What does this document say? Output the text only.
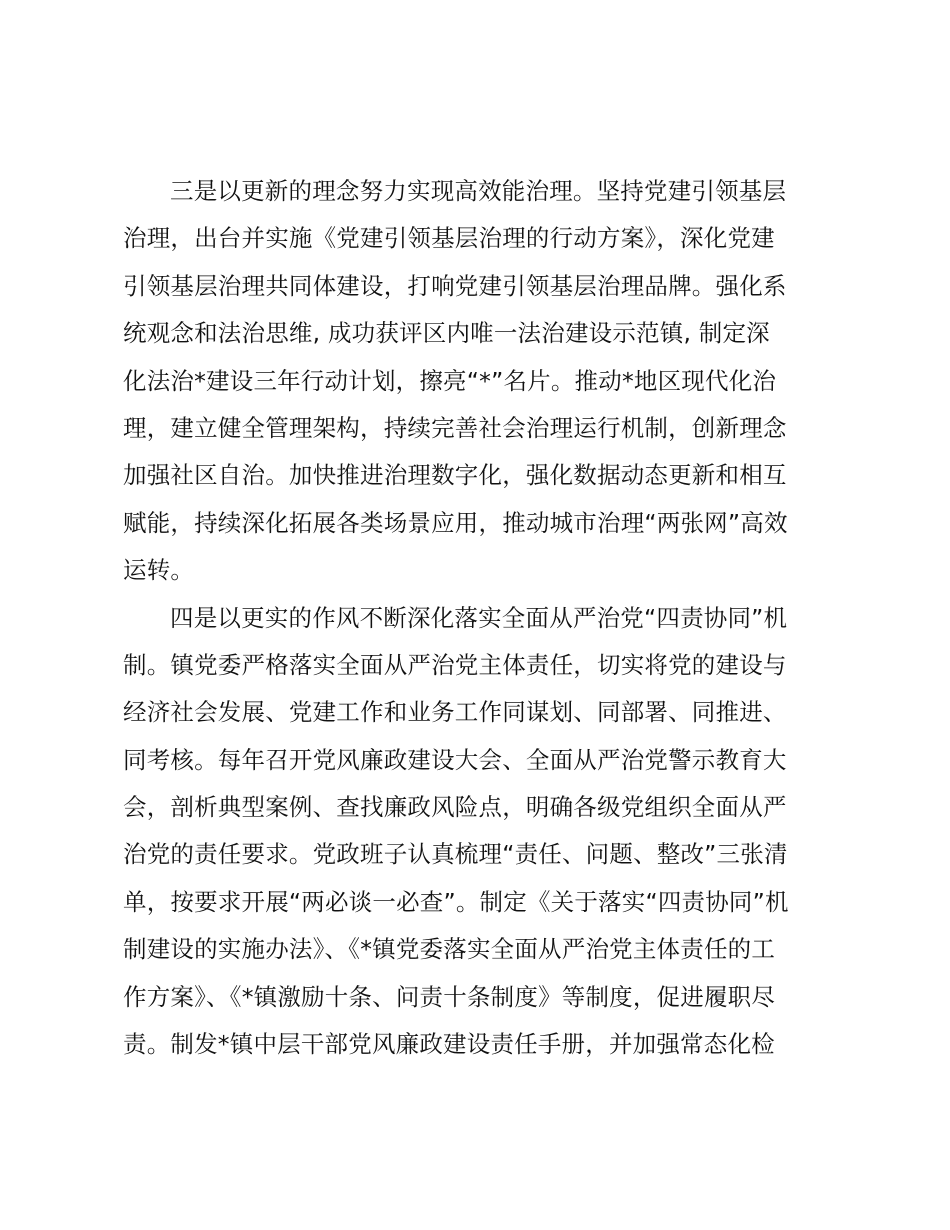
三是以更新的理念努力实现高效能治理。坚持党建引领基层
治理，出台并实施《党建引领基层治理的行动方案》，深化党建
引领基层治理共同体建设，打响党建引领基层治理品牌。强化系
统观念和法治思维, 成功获评区内唯一法治建设示范镇, 制定深
化法治*建设三年行动计划，擦亮“*”名片。推动*地区现代化治
理，建立健全管理架构，持续完善社会治理运行机制，创新理念
加强社区自治。加快推进治理数字化，强化数据动态更新和相互
赋能，持续深化拓展各类场景应用，推动城市治理“两张网”高效
运转。

四是以更实的作风不断深化落实全面从严治党“四责协同”机
制。镇党委严格落实全面从严治党主体责任，切实将党的建设与
经济社会发展、党建工作和业务工作同谋划、同部署、同推进、
同考核。每年召开党风廉政建设大会、全面从严治党警示教育大
会，剖析典型案例、查找廉政风险点，明确各级党组织全面从严
治党的责任要求。党政班子认真梳理“责任、问题、整改”三张清
单，按要求开展“两必谈一必查”。制定《关于落实“四责协同”机
制建设的实施办法》、《*镇党委落实全面从严治党主体责任的工
作方案》、《*镇激励十条、问责十条制度》等制度，促进履职尽
责。制发*镇中层干部党风廉政建设责任手册，并加强常态化检
